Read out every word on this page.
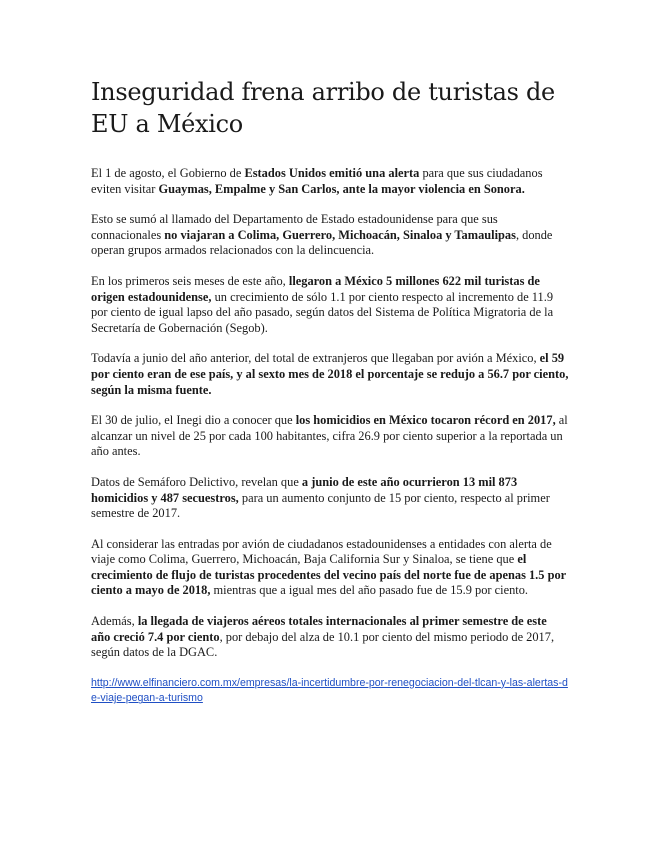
Inseguridad frena arribo de turistas de EU a México

El 1 de agosto, el Gobierno de Estados Unidos emitió una alerta para que sus ciudadanos eviten visitar Guaymas, Empalme y San Carlos, ante la mayor violencia en Sonora.

Esto se sumó al llamado del Departamento de Estado estadounidense para que sus connacionales no viajaran a Colima, Guerrero, Michoacán, Sinaloa y Tamaulipas, donde operan grupos armados relacionados con la delincuencia.

En los primeros seis meses de este año, llegaron a México 5 millones 622 mil turistas de origen estadounidense, un crecimiento de sólo 1.1 por ciento respecto al incremento de 11.9 por ciento de igual lapso del año pasado, según datos del Sistema de Política Migratoria de la Secretaría de Gobernación (Segob).

Todavía a junio del año anterior, del total de extranjeros que llegaban por avión a México, el 59 por ciento eran de ese país, y al sexto mes de 2018 el porcentaje se redujo a 56.7 por ciento, según la misma fuente.

El 30 de julio, el Inegi dio a conocer que los homicidios en México tocaron récord en 2017, al alcanzar un nivel de 25 por cada 100 habitantes, cifra 26.9 por ciento superior a la reportada un año antes.

Datos de Semáforo Delictivo, revelan que a junio de este año ocurrieron 13 mil 873 homicidios y 487 secuestros, para un aumento conjunto de 15 por ciento, respecto al primer semestre de 2017.

Al considerar las entradas por avión de ciudadanos estadounidenses a entidades con alerta de viaje como Colima, Guerrero, Michoacán, Baja California Sur y Sinaloa, se tiene que el crecimiento de flujo de turistas procedentes del vecino país del norte fue de apenas 1.5 por ciento a mayo de 2018, mientras que a igual mes del año pasado fue de 15.9 por ciento.

Además, la llegada de viajeros aéreos totales internacionales al primer semestre de este año creció 7.4 por ciento, por debajo del alza de 10.1 por ciento del mismo periodo de 2017, según datos de la DGAC.

http://www.elfinanciero.com.mx/empresas/la-incertidumbre-por-renegociacion-del-tlcan-y-las-alertas-de-viaje-pegan-a-turismo
